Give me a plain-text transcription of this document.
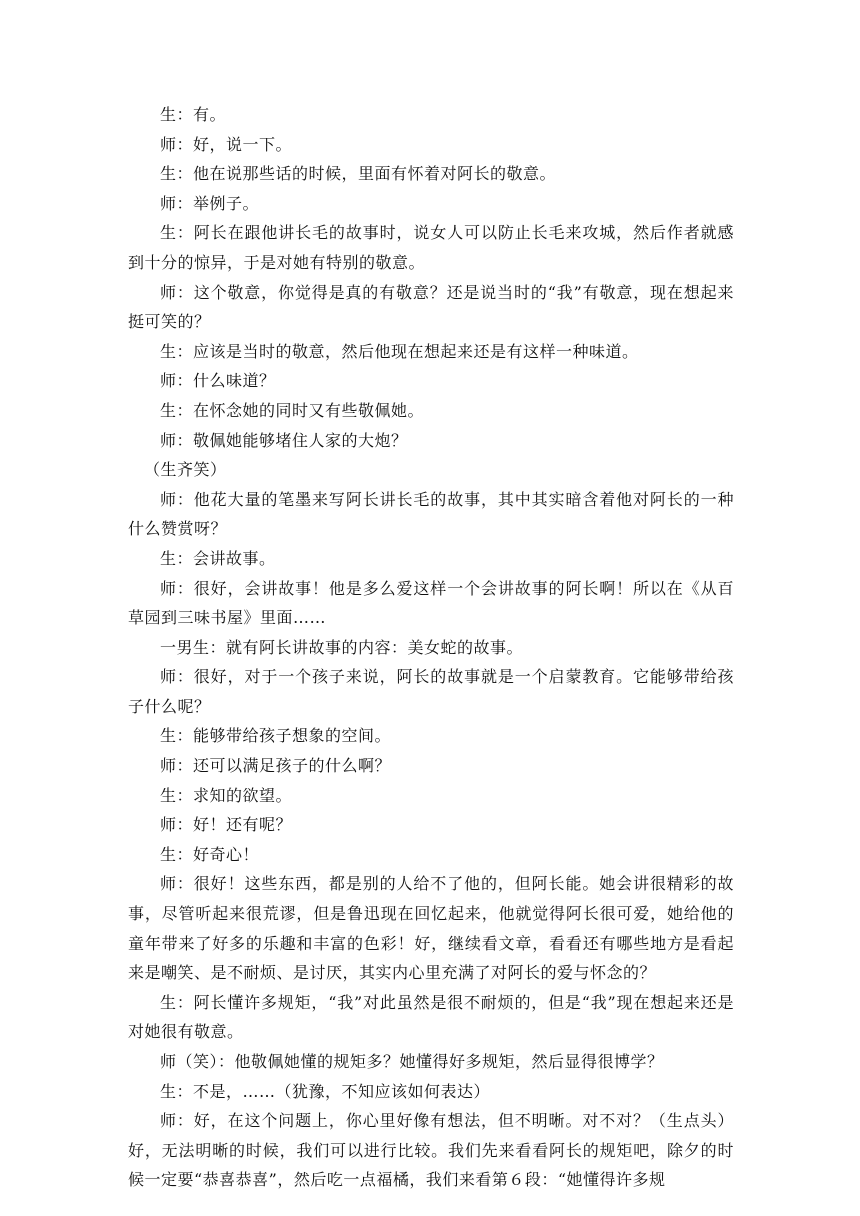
生：有。

师：好，说一下。

生：他在说那些话的时候，里面有怀着对阿长的敬意。

师：举例子。

生：阿长在跟他讲长毛的故事时，说女人可以防止长毛来攻城，然后作者就感到十分的惊异，于是对她有特别的敬意。

师：这个敬意，你觉得是真的有敬意？还是说当时的“我”有敬意，现在想起来挺可笑的？

生：应该是当时的敬意，然后他现在想起来还是有这样一种味道。

师：什么味道？

生：在怀念她的同时又有些敬佩她。

师：敬佩她能够堵住人家的大炮？

（生齐笑）

师：他花大量的笔墨来写阿长讲长毛的故事，其中其实暗含着他对阿长的一种什么赞赏呀？

生：会讲故事。

师：很好，会讲故事！他是多么爱这样一个会讲故事的阿长啊！所以在《从百草园到三味书屋》里面……

一男生：就有阿长讲故事的内容：美女蛇的故事。

师：很好，对于一个孩子来说，阿长的故事就是一个启蒙教育。它能够带给孩子什么呢？

生：能够带给孩子想象的空间。

师：还可以满足孩子的什么啊？

生：求知的欲望。

师：好！还有呢？

生：好奇心！

师：很好！这些东西，都是别的人给不了他的，但阿长能。她会讲很精彩的故事，尽管听起来很荒谬，但是鲁迅现在回忆起来，他就觉得阿长很可爱，她给他的童年带来了好多的乐趣和丰富的色彩！好，继续看文章，看看还有哪些地方是看起来是嘲笑、是不耐烦、是讨厌，其实内心里充满了对阿长的爱与怀念的？

生：阿长懂许多规矩，“我”对此虽然是很不耐烦的，但是“我”现在想起来还是对她很有敬意。

师（笑）：他敬佩她懂的规矩多？她懂得好多规矩，然后显得很博学？

生：不是，……（犹豫，不知应该如何表达）

师：好，在这个问题上，你心里好像有想法，但不明晰。对不对？（生点头）好，无法明晰的时候，我们可以进行比较。我们先来看看阿长的规矩吧，除夕的时候一定要“恭喜恭喜”，然后吃一点福橘，我们来看第６段：“她懂得许多规
